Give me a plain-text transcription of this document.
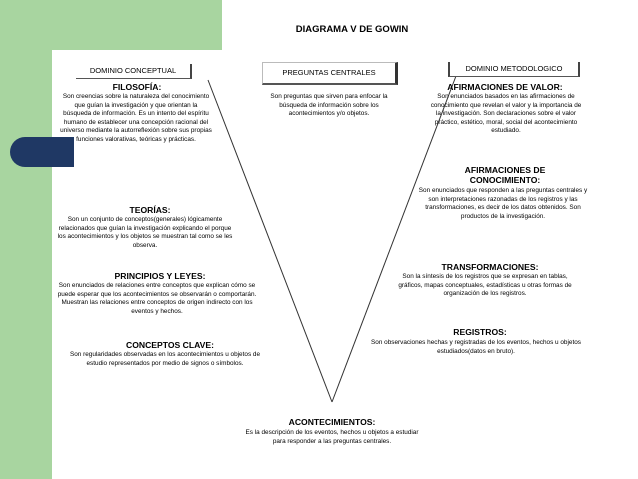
DIAGRAMA V DE GOWIN
DOMINIO CONCEPTUAL	PREGUNTAS CENTRALES	DOMINIO METODOLOGICO
Son preguntas que sirven para enfocar la búsqueda de información sobre los acontecimientos y/o objetos.
FILOSOFÍA:
Son creencias sobre la naturaleza del conocimiento que guían la investigación y que orientan la búsqueda de información. Es un intento del espíritu humano de establecer una concepción racional del universo mediante la autorreflexión sobre sus propias funciones valorativas, teóricas y prácticas.
TEORÍAS:
Son un conjunto de conceptos(generales) lógicamente relacionados que guían la investigación explicando el porque los acontecimientos y los objetos se muestran tal como se les observa.
PRINCIPIOS Y LEYES:
Son enunciados de relaciones entre conceptos que explican cómo se puede esperar que los acontecimientos se observarán o comportarán. Muestran las relaciones entre conceptos de origen indirecto con los eventos y hechos.
CONCEPTOS CLAVE:
Son regularidades observadas en los acontecimientos u objetos de estudio representados por medio de signos o símbolos.
AFIRMACIONES DE VALOR:
Son enunciados basados en las afirmaciones de conocimiento que revelan el valor y la importancia de la investigación. Son declaraciones sobre el valor práctico, estético, moral, social del acontecimiento estudiado.
AFIRMACIONES DE CONOCIMIENTO:
Son enunciados que responden a las preguntas centrales y son interpretaciones razonadas de los registros y las transformaciones, es decir de los datos obtenidos. Son productos de la investigación.
TRANSFORMACIONES:
Son la síntesis de los registros que se expresan en tablas, gráficos, mapas conceptuales, estadísticas u otras formas de organización de los registros.
REGISTROS:
Son observaciones hechas y registradas de los eventos, hechos u objetos estudiados(datos en bruto).
ACONTECIMIENTOS:
Es la descripción de los eventos, hechos u objetos a estudiar para responder a las preguntas centrales.
